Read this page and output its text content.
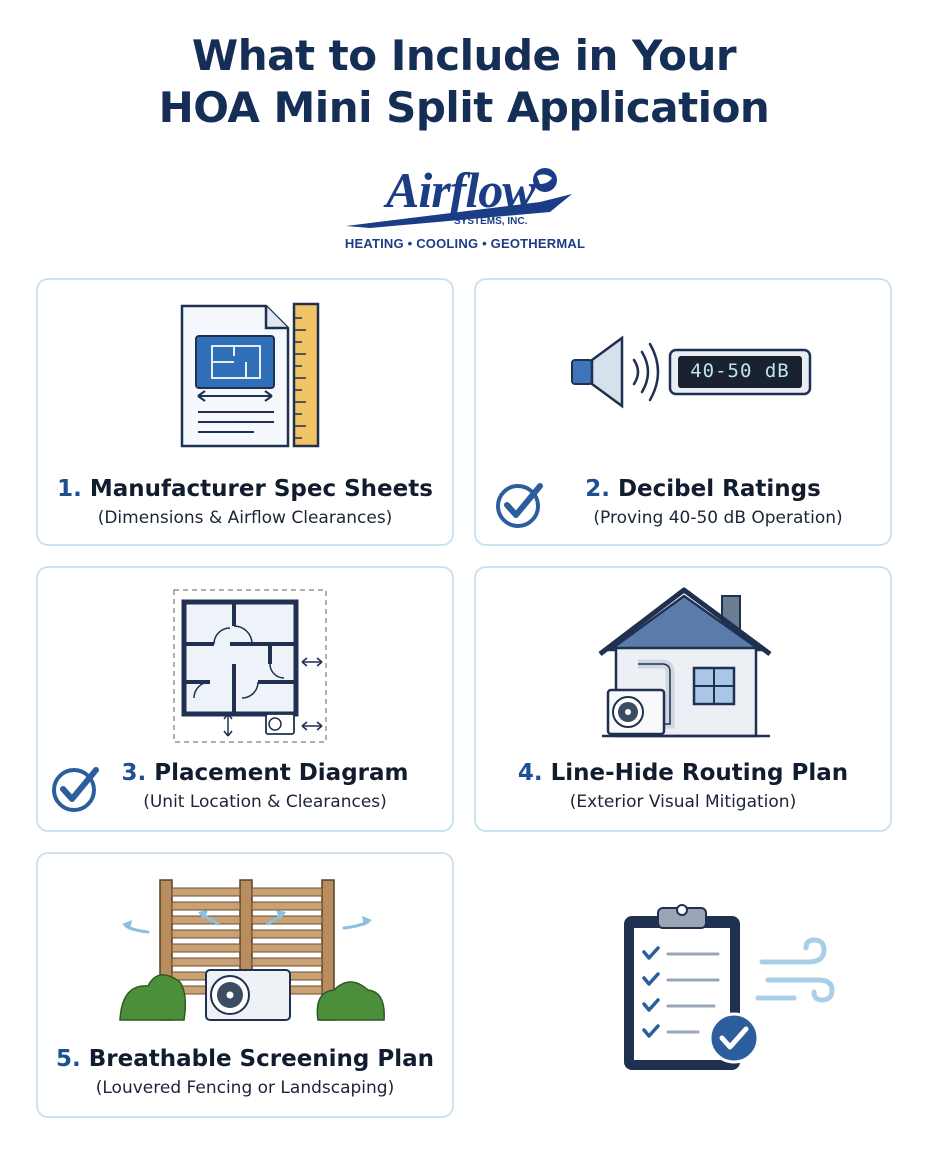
What to Include in Your
HOA Mini Split Application
Airflow
SYSTEMS, INC.
HEATING • COOLING • GEOTHERMAL
1. Manufacturer Spec Sheets
(Dimensions & Airflow Clearances)
40-50 dB
2. Decibel Ratings
(Proving 40-50 dB Operation)
3. Placement Diagram
(Unit Location & Clearances)
4. Line-Hide Routing Plan
(Exterior Visual Mitigation)
5. Breathable Screening Plan
(Louvered Fencing or Landscaping)
